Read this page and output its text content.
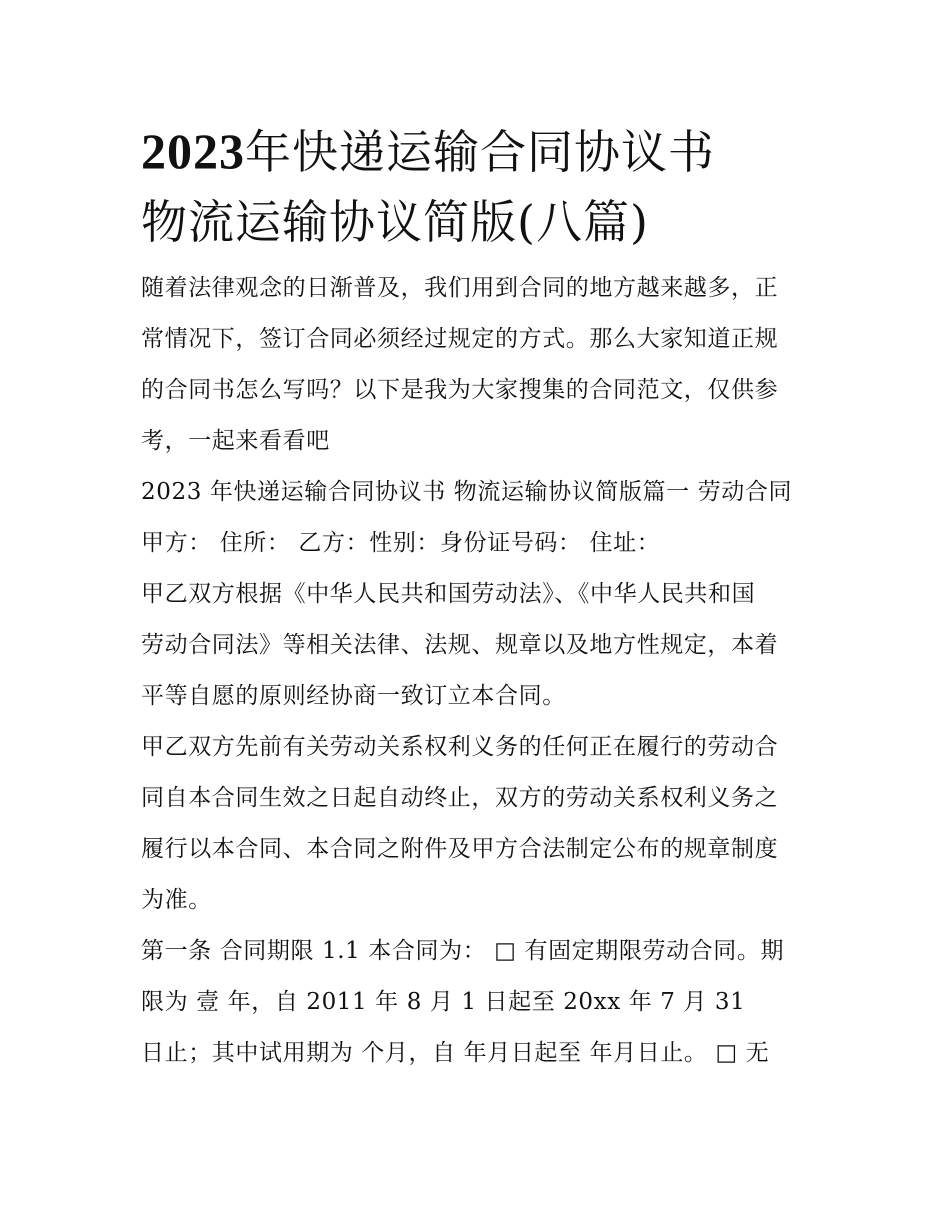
2023年快递运输合同协议书
物流运输协议简版(八篇)

随着法律观念的日渐普及，我们用到合同的地方越来越多，正
常情况下，签订合同必须经过规定的方式。那么大家知道正规
的合同书怎么写吗？以下是我为大家搜集的合同范文，仅供参
考，一起来看看吧

2023 年快递运输合同协议书 物流运输协议简版篇一 劳动合同

甲方： 住所： 乙方：性别：身份证号码： 住址：

甲乙双方根据《中华人民共和国劳动法》、《中华人民共和国
劳动合同法》等相关法律、法规、规章以及地方性规定，本着
平等自愿的原则经协商一致订立本合同。

甲乙双方先前有关劳动关系权利义务的任何正在履行的劳动合
同自本合同生效之日起自动终止，双方的劳动关系权利义务之
履行以本合同、本合同之附件及甲方合法制定公布的规章制度
为准。

第一条 合同期限 1.1 本合同为： □ 有固定期限劳动合同。期
限为 壹 年，自 2011 年 8 月 1 日起至 20xx 年 7 月 31

日止；其中试用期为 个月，自 年月日起至 年月日止。 □ 无
